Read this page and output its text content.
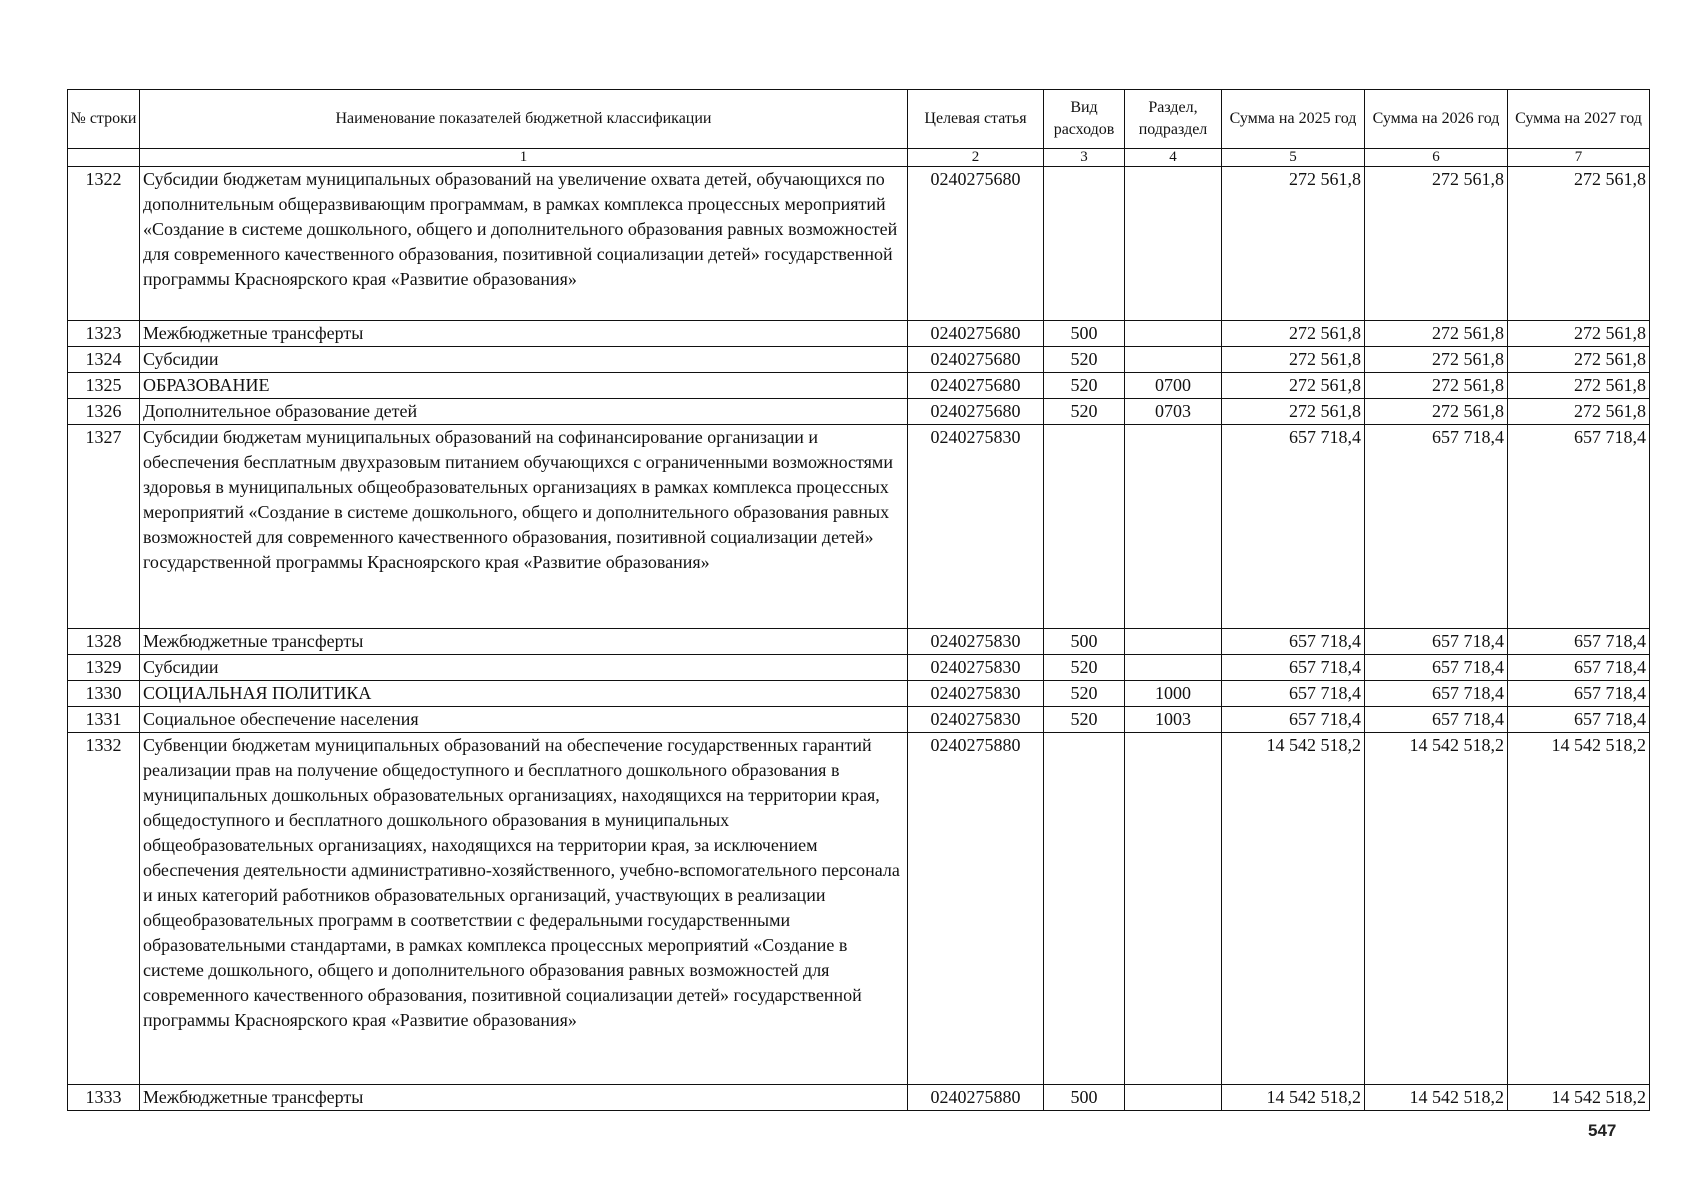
№ строки	Наименование показателей бюджетной классификации	Целевая статья	Вид расходов	Раздел, подраздел	Сумма на 2025 год	Сумма на 2026 год	Сумма на 2027 год
	1	2	3	4	5	6	7
1322	Субсидии бюджетам муниципальных образований на увеличение охвата детей, обучающихся по дополнительным общеразвивающим программам, в рамках комплекса процессных мероприятий «Создание в системе дошкольного, общего и дополнительного образования равных возможностей для современного качественного образования, позитивной социализации детей» государственной программы Красноярского края «Развитие образования»	0240275680			272 561,8	272 561,8	272 561,8
1323	Межбюджетные трансферты	0240275680	500		272 561,8	272 561,8	272 561,8
1324	Субсидии	0240275680	520		272 561,8	272 561,8	272 561,8
1325	ОБРАЗОВАНИЕ	0240275680	520	0700	272 561,8	272 561,8	272 561,8
1326	Дополнительное образование детей	0240275680	520	0703	272 561,8	272 561,8	272 561,8
1327	Субсидии бюджетам муниципальных образований на софинансирование организации и обеспечения бесплатным двухразовым питанием обучающихся с ограниченными возможностями здоровья в муниципальных общеобразовательных организациях в рамках комплекса процессных мероприятий «Создание в системе дошкольного, общего и дополнительного образования равных возможностей для современного качественного образования, позитивной социализации детей» государственной программы Красноярского края «Развитие образования»	0240275830			657 718,4	657 718,4	657 718,4
1328	Межбюджетные трансферты	0240275830	500		657 718,4	657 718,4	657 718,4
1329	Субсидии	0240275830	520		657 718,4	657 718,4	657 718,4
1330	СОЦИАЛЬНАЯ ПОЛИТИКА	0240275830	520	1000	657 718,4	657 718,4	657 718,4
1331	Социальное обеспечение населения	0240275830	520	1003	657 718,4	657 718,4	657 718,4
1332	Субвенции бюджетам муниципальных образований на обеспечение государственных гарантий реализации прав на получение общедоступного и бесплатного дошкольного образования в муниципальных дошкольных образовательных организациях, находящихся на территории края, общедоступного и бесплатного дошкольного образования в муниципальных общеобразовательных организациях, находящихся на территории края, за исключением обеспечения деятельности административно-хозяйственного, учебно-вспомогательного персонала и иных категорий работников образовательных организаций, участвующих в реализации общеобразовательных программ в соответствии с федеральными государственными образовательными стандартами, в рамках комплекса процессных мероприятий «Создание в системе дошкольного, общего и дополнительного образования равных возможностей для современного качественного образования, позитивной социализации детей» государственной программы Красноярского края «Развитие образования»	0240275880			14 542 518,2	14 542 518,2	14 542 518,2
1333	Межбюджетные трансферты	0240275880	500		14 542 518,2	14 542 518,2	14 542 518,2
547
